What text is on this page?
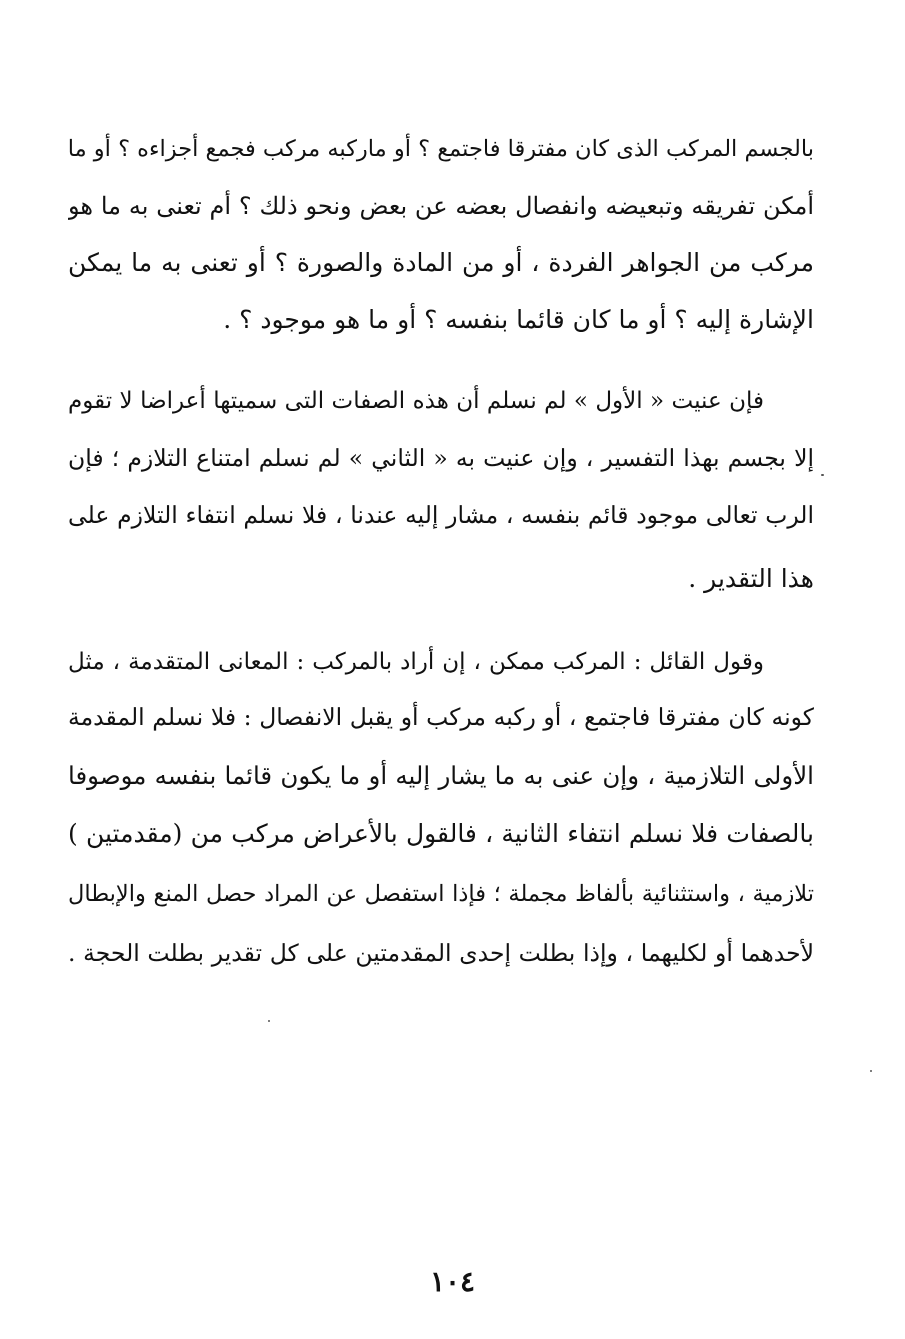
بالجسم المركب الذى كان مفترقا فاجتمع ؟ أو ماركبه مركب فجمع أجزاءه ؟ أو ما
أمكن تفريقه وتبعيضه وانفصال بعضه عن بعض ونحو ذلك ؟ أم تعنى به ما هو
مركب من الجواهر الفردة ، أو من المادة والصورة ؟ أو تعنى به ما يمكن
الإشارة إليه ؟ أو ما كان قائما بنفسه ؟ أو ما هو موجود ؟ .
فإن عنيت « الأول » لم نسلم أن هذه الصفات التى سميتها أعراضا لا تقوم
إلا بجسم بهذا التفسير ، وإن عنيت به « الثاني » لم نسلم امتناع التلازم ؛ فإن
الرب تعالى موجود قائم بنفسه ، مشار إليه عندنا ، فلا نسلم انتفاء التلازم على
هذا التقدير .
وقول القائل : المركب ممكن ، إن أراد بالمركب : المعانى المتقدمة ، مثل
كونه كان مفترقا فاجتمع ، أو ركبه مركب أو يقبل الانفصال : فلا نسلم المقدمة
الأولى التلازمية ، وإن عنى به ما يشار إليه أو ما يكون قائما بنفسه موصوفا
بالصفات فلا نسلم انتفاء الثانية ، فالقول بالأعراض مركب من (مقدمتين )
تلازمية ، واستثنائية بألفاظ مجملة ؛ فإذا استفصل عن المراد حصل المنع والإبطال
لأحدهما أو لكليهما ، وإذا بطلت إحدى المقدمتين على كل تقدير بطلت الحجة .
١٠٤
